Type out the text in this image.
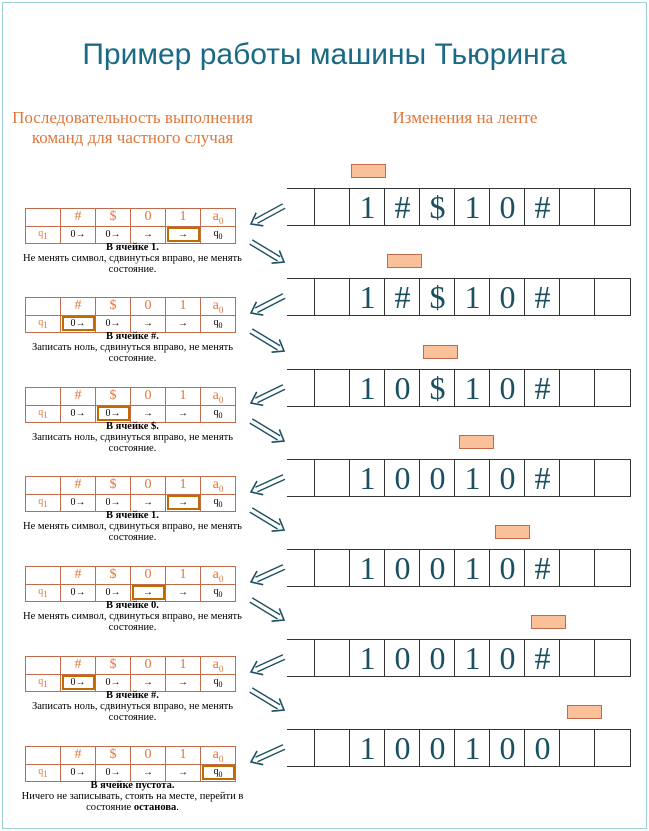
Пример работы машины Тьюринга
Последовательность выполнения команд для частного случая
Изменения на ленте
	#	$	0	1	$a_0$
$q_1$	0→	0→	→	→	$q_0$
В ячейке 1.
Не менять символ, сдвинуться вправо, не менять состояние.
1 # $ 1 0 #
	#	$	0	1	$a_0$
$q_1$	0→	0→	→	→	$q_0$
В ячейке #.
Записать ноль, сдвинуться вправо, не менять состояние.
1 # $ 1 0 #
	#	$	0	1	$a_0$
$q_1$	0→	0→	→	→	$q_0$
В ячейке $.
Записать ноль, сдвинуться вправо, не менять состояние.
1 0 $ 1 0 #
	#	$	0	1	$a_0$
$q_1$	0→	0→	→	→	$q_0$
В ячейке 1.
Не менять символ, сдвинуться вправо, не менять состояние.
1 0 0 1 0 #
	#	$	0	1	$a_0$
$q_1$	0→	0→	→	→	$q_0$
В ячейке 0.
Не менять символ, сдвинуться вправо, не менять состояние.
1 0 0 1 0 #
	#	$	0	1	$a_0$
$q_1$	0→	0→	→	→	$q_0$
В ячейке #.
Записать ноль, сдвинуться вправо, не менять состояние.
1 0 0 1 0 #
	#	$	0	1	$a_0$
$q_1$	0→	0→	→	→	$q_0$
В ячейке пустота.
Ничего не записывать, стоять на месте, перейти в состояние останова.
1 0 0 1 0 0
